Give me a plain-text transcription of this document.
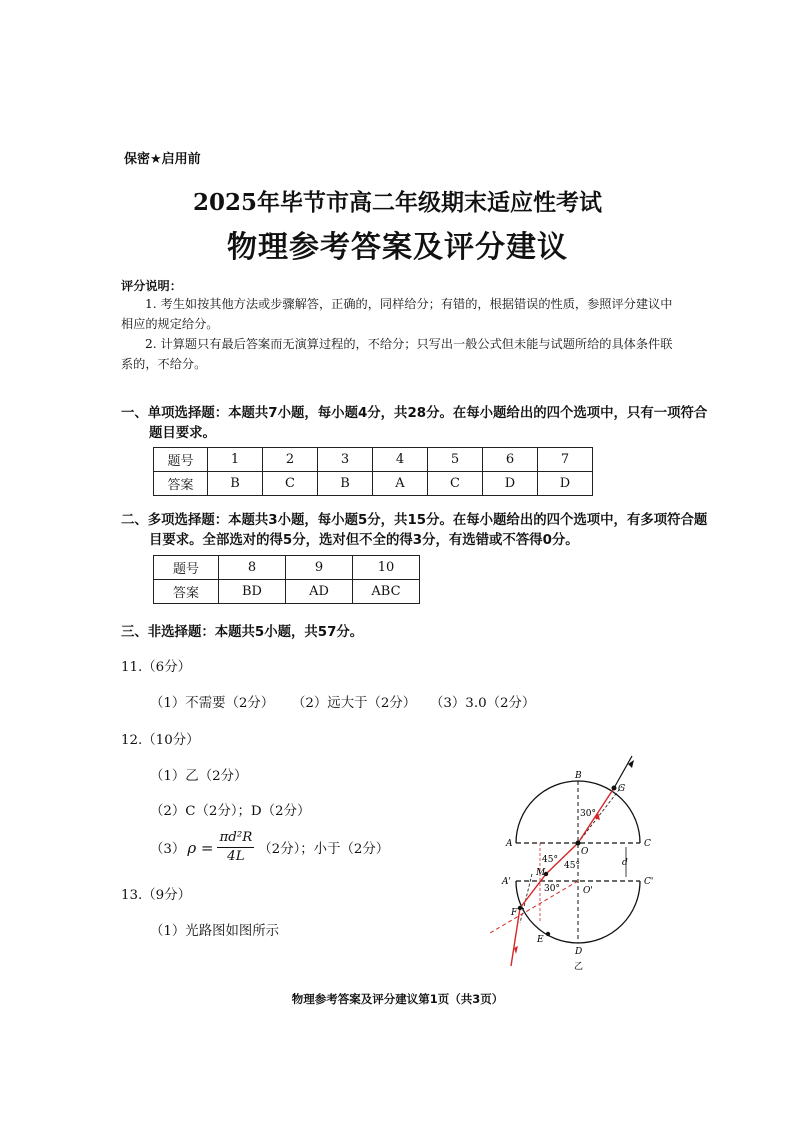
保密★启用前
2025年毕节市高二年级期末适应性考试
物理参考答案及评分建议
评分说明：
1. 考生如按其他方法或步骤解答，正确的，同样给分；有错的，根据错误的性质，参照评分建议中相应的规定给分。
2. 计算题只有最后答案而无演算过程的，不给分；只写出一般公式但未能与试题所给的具体条件联系的，不给分。
一、单项选择题：本题共7小题，每小题4分，共28分。在每小题给出的四个选项中，只有一项符合题目要求。
题号	1	2	3	4	5	6	7
答案	B	C	B	A	C	D	D
二、多项选择题：本题共3小题，每小题5分，共15分。在每小题给出的四个选项中，有多项符合题目要求。全部选对的得5分，选对但不全的得3分，有选错或不答得0分。
题号	8	9	10
答案	BD	AD	ABC
三、非选择题：本题共5小题，共57分。
11.（6分）
（1）不需要（2分） （2）远大于（2分） （3）3.0（2分）
12.（10分）
（1）乙（2分）
（2）C（2分）；D（2分）
（3） $\rho = \frac{\text{πd²R}}{4L} (2$分）；小于（2分）
13.（9分）
（1）光路图如图所示
B
G
A	C
O
d
A'	C'
O'
M
F
E
D
30°
45°
45°
30°
乙
物理参考答案及评分建议第1页（共3页）
